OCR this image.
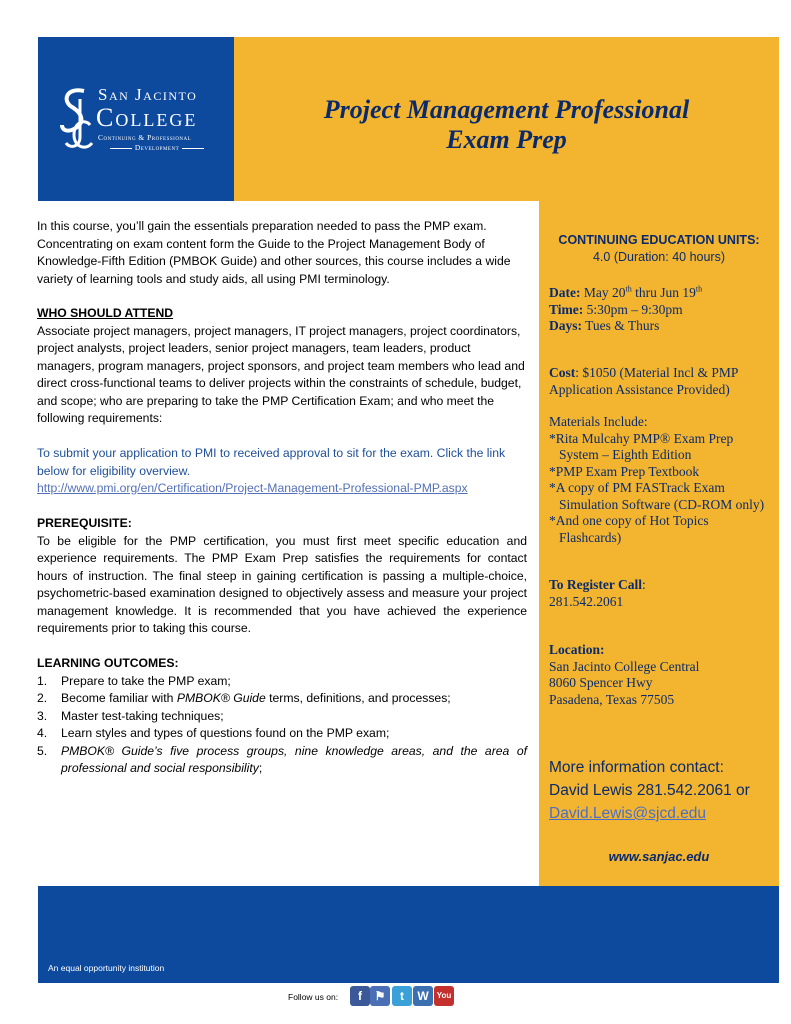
San Jacinto
College
Continuing & Professional
Development
Project Management Professional
Exam Prep

In this course, you’ll gain the essentials preparation needed to pass the PMP exam. Concentrating on exam content form the Guide to the Project Management Body of Knowledge-Fifth Edition (PMBOK Guide) and other sources, this course includes a wide variety of learning tools and study aids, all using PMI terminology.

WHO SHOULD ATTEND

Associate project managers, project managers, IT project managers, project coordinators, project analysts, project leaders, senior project managers, team leaders, product managers, program managers, project sponsors, and project team members who lead and direct cross-functional teams to deliver projects within the constraints of schedule, budget, and scope; who are preparing to take the PMP Certification Exam; and who meet the following requirements:

To submit your application to PMI to received approval to sit for the exam. Click the link below for eligibility overview.

http://www.pmi.org/en/Certification/Project-Management-Professional-PMP.aspx
PREREQUISITE:

To be eligible for the PMP certification, you must first meet specific education and experience requirements. The PMP Exam Prep satisfies the requirements for contact hours of instruction. The final steep in gaining certification is passing a multiple-choice, psychometric-based examination designed to objectively assess and measure your project management knowledge. It is recommended that you have achieved the experience requirements prior to taking this course.

LEARNING OUTCOMES:
1. Prepare to take the PMP exam;
2. Become familiar with PMBOK® Guide terms, definitions, and processes;
3. Master test-taking techniques;
4. Learn styles and types of questions found on the PMP exam;
5. PMBOK® Guide’s five process groups, nine knowledge areas, and the area of professional and social responsibility;
CONTINUING EDUCATION UNITS:
4.0 (Duration: 40 hours)
Date: May 20th thru Jun 19th
Time: 5:30pm – 9:30pm
Days: Tues & Thurs
Cost: $1050 (Material Incl & PMP Application Assistance Provided)
Materials Include:
*Rita Mulcahy PMP® Exam Prep
System – Eighth Edition
*PMP Exam Prep Textbook
*A copy of PM FASTrack Exam
Simulation Software (CD-ROM only)
*And one copy of Hot Topics
Flashcards)
To Register Call:
281.542.2061
Location:
San Jacinto College Central
8060 Spencer Hwy
Pasadena, Texas 77505
More information contact:
David Lewis 281.542.2061 or
David.Lewis@sjcd.edu
www.sanjac.edu
An equal opportunity institution
Follow us on:	f	⚑	t	W	You
